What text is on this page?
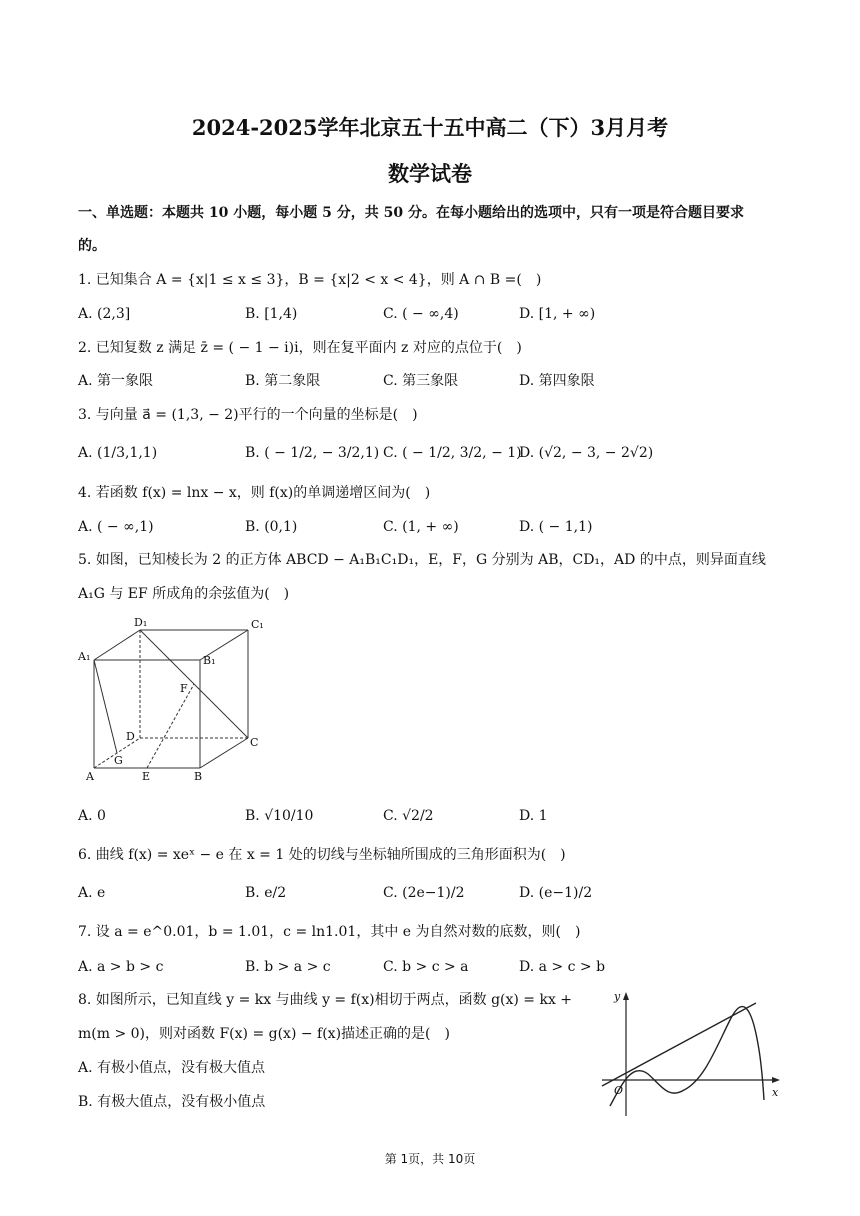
2024-2025学年北京五十五中高二（下）3月月考
数学试卷
一、单选题：本题共 10 小题，每小题 5 分，共 50 分。在每小题给出的选项中，只有一项是符合题目要求
的。
1. 已知集合 A = {x|1 ≤ x ≤ 3}，B = {x|2 < x < 4}，则 A ∩ B =(　)
A. (2,3]	B. [1,4)	C. ( − ∞,4)	D. [1, + ∞)
2. 已知复数 z 满足 z̄ = ( − 1 − i)i，则在复平面内 z 对应的点位于(　)
A. 第一象限	B. 第二象限	C. 第三象限	D. 第四象限
3. 与向量 a⃗ = (1,3, − 2)平行的一个向量的坐标是(　)
A. (1/3,1,1)	B. ( − 1/2, − 3/2,1) C. ( − 1/2, 3/2, − 1)
D. (√2, − 3, − 2√2)
4. 若函数 f(x) = lnx − x，则 f(x)的单调递增区间为(　)
A. ( − ∞,1)	B. (0,1)	C. (1, + ∞)	D. ( − 1,1)
5. 如图，已知棱长为 2 的正方体 ABCD − A₁B₁C₁D₁，E，F，G 分别为 AB，CD₁，AD 的中点，则异面直线
A₁G 与 EF 所成角的余弦值为(　)
D₁	C₁
A₁	B₁
F
D	C
A
G
E	B
A. 0	B. √10/10	C. √2/2	D. 1
6. 曲线 f(x) = xeˣ − e 在 x = 1 处的切线与坐标轴所围成的三角形面积为(　)
A. e	B. e/2	C. (2e−1)/2	D. (e−1)/2
7. 设 a = e^0.01，b = 1.01，c = ln1.01，其中 e 为自然对数的底数，则(　)
A. a > b > c	B. b > a > c	C. b > c > a	D. a > c > b
8. 如图所示，已知直线 y = kx 与曲线 y = f(x)相切于两点，函数 g(x) = kx +
m(m > 0)，则对函数 F(x) = g(x) − f(x)描述正确的是(　)
A. 有极小值点，没有极大值点
B. 有极大值点，没有极小值点
y
x
O
第 1页，共 10页
